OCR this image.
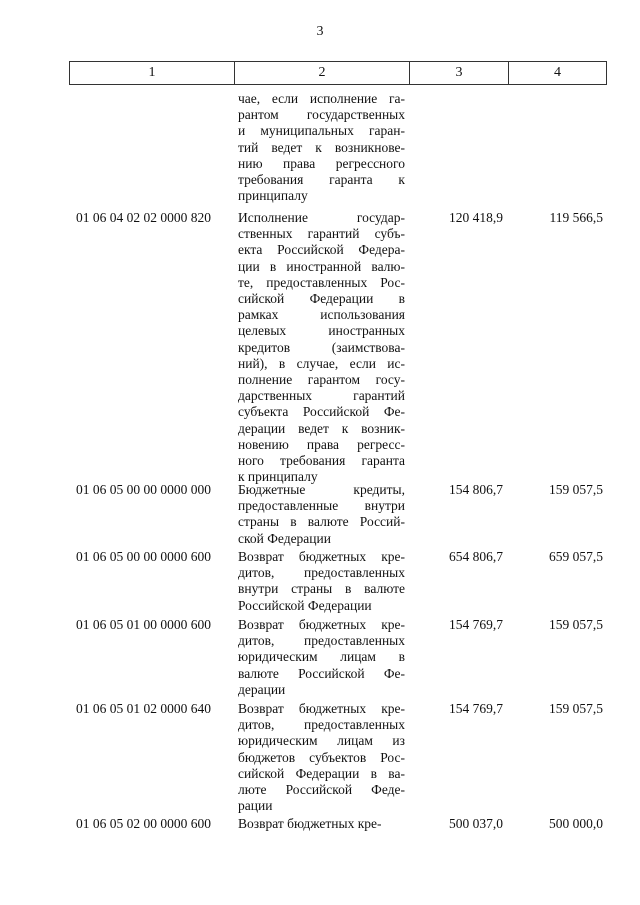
3
1	2	3	4
чае, если исполнение га-
рантом государственных
и муниципальных гаран-
тий ведет к возникнове-
нию права регрессного
требования гаранта к
принципалу
01 06 04 02 02 0000 820	Исполнение государ-
ственных гарантий субъ-
екта Российской Федера-
ции в иностранной валю-
те, предоставленных Рос-
сийской Федерации в
рамках использования
целевых иностранных
кредитов (заимствова-
ний), в случае, если ис-
полнение гарантом госу-
дарственных гарантий
субъекта Российской Фе-
дерации ведет к возник-
новению права регресс-
ного требования гаранта
к принципалу
120 418,9	119 566,5
01 06 05 00 00 0000 000	Бюджетные кредиты,
предоставленные внутри
страны в валюте Россий-
ской Федерации
154 806,7	159 057,5
01 06 05 00 00 0000 600	Возврат бюджетных кре-
дитов, предоставленных
внутри страны в валюте
Российской Федерации
654 806,7	659 057,5
01 06 05 01 00 0000 600	Возврат бюджетных кре-
дитов, предоставленных
юридическим лицам в
валюте Российской Фе-
дерации
154 769,7	159 057,5
01 06 05 01 02 0000 640	Возврат бюджетных кре-
дитов, предоставленных
юридическим лицам из
бюджетов субъектов Рос-
сийской Федерации в ва-
люте Российской Феде-
рации
154 769,7	159 057,5
01 06 05 02 00 0000 600	Возврат бюджетных кре-	500 037,0	500 000,0
